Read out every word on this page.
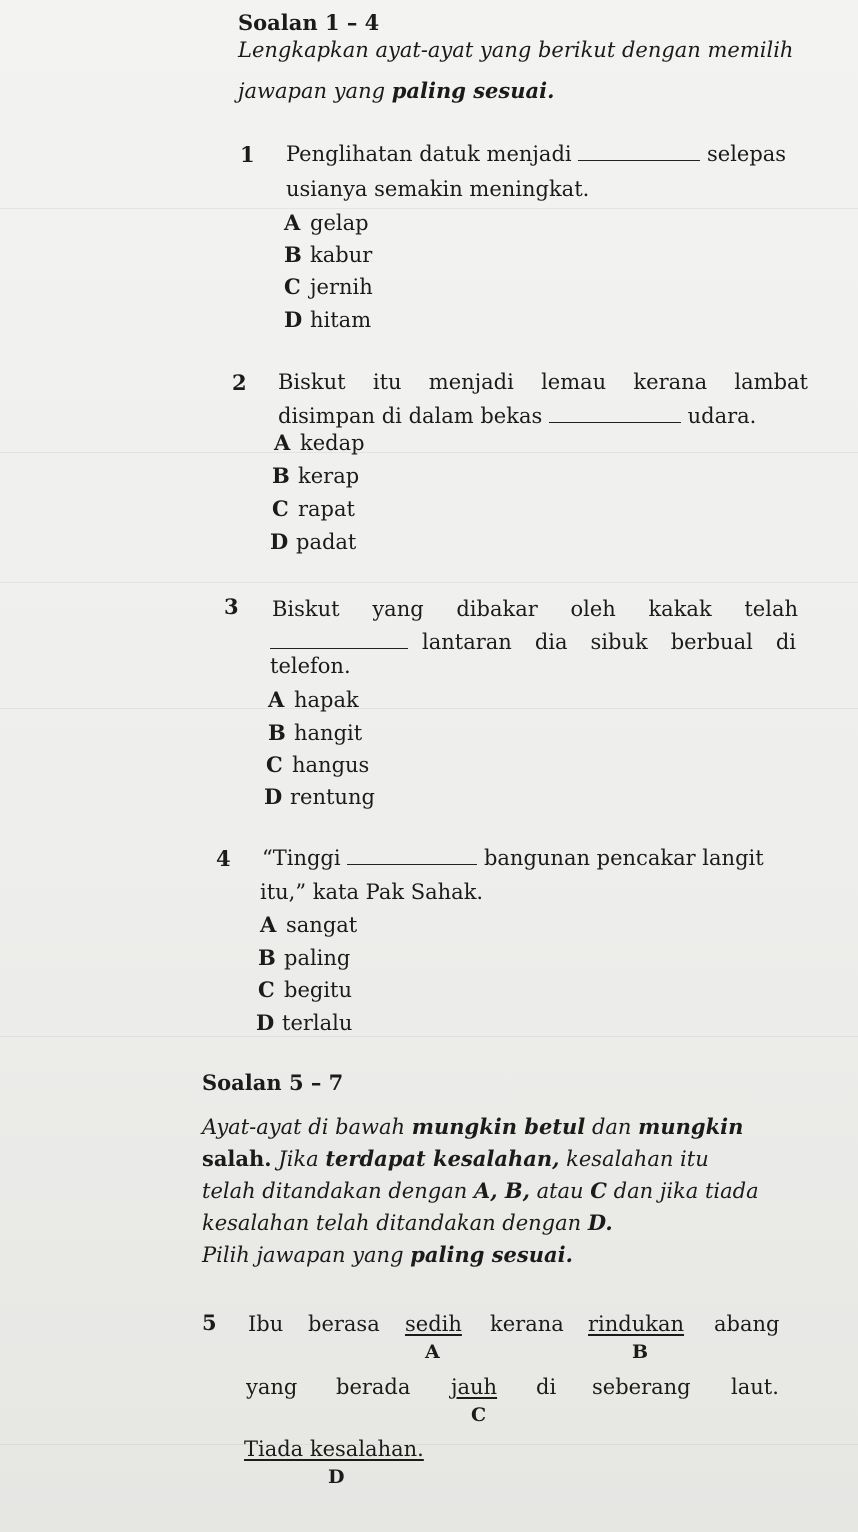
Soalan 1 – 4
Lengkapkan ayat-ayat yang berikut dengan memilih
jawapan yang paling sesuai.
1 Penglihatan datuk menjadi	selepas
usianya semakin meningkat.
A gelap
B kabur
C jernih
D hitam
2 Biskut itu menjadi lemau kerana lambat
disimpan di dalam bekas	udara.
A kedap
B kerap
C rapat
D padat
3 Biskut yang dibakar oleh kakak telah
lantaran dia sibuk berbual di
telefon.
A hapak
B hangit
C hangus
D rentung
4 “Tinggi	bangunan pencakar langit
itu,” kata Pak Sahak.
A sangat
B paling
C begitu
D terlalu
Soalan 5 – 7
Ayat-ayat di bawah mungkin betul dan mungkin
salah. Jika terdapat kesalahan, kesalahan itu
telah ditandakan dengan A, B, atau C dan jika tiada
kesalahan telah ditandakan dengan D.
Pilih jawapan yang paling sesuai.
5 Ibu berasa sedih kerana rindukan abang
A	B
yang berada jauh di seberang laut.
C
Tiada kesalahan.
D
